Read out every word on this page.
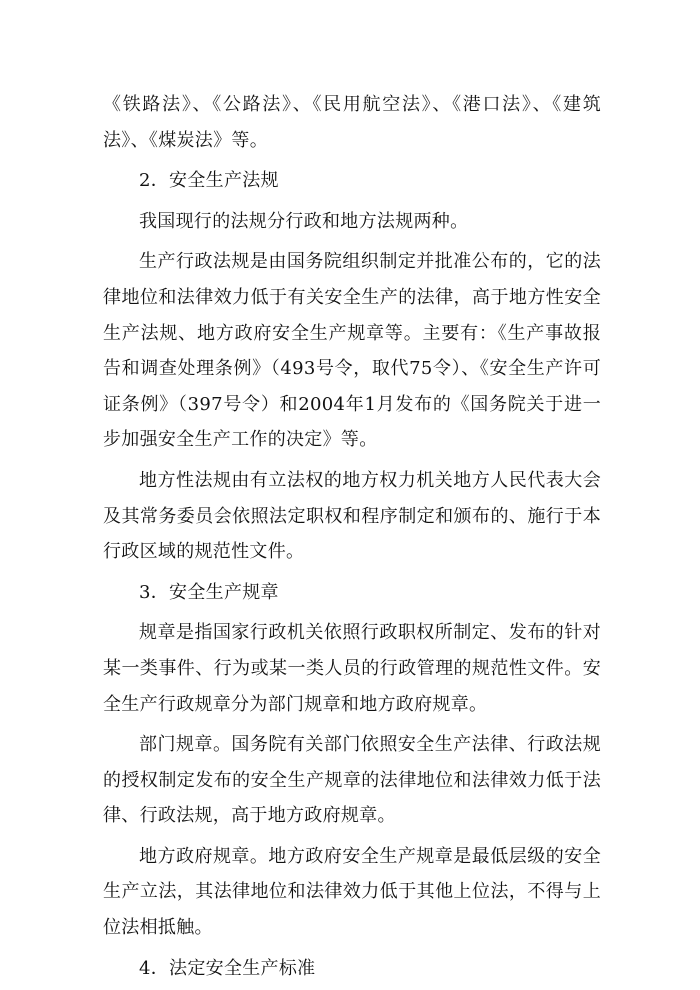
《铁路法》、《公路法》、《民用航空法》、《港口法》、《建筑法》、《煤炭法》等。

2．安全生产法规

我国现行的法规分行政和地方法规两种。

生产行政法规是由国务院组织制定并批准公布的，它的法律地位和法律效力低于有关安全生产的法律，高于地方性安全生产法规、地方政府安全生产规章等。主要有：《生产事故报告和调查处理条例》（493号令，取代75令）、《安全生产许可证条例》（397号令）和2004年1月发布的《国务院关于进一步加强安全生产工作的决定》等。

地方性法规由有立法权的地方权力机关地方人民代表大会及其常务委员会依照法定职权和程序制定和颁布的、施行于本行政区域的规范性文件。

3．安全生产规章

规章是指国家行政机关依照行政职权所制定、发布的针对某一类事件、行为或某一类人员的行政管理的规范性文件。安全生产行政规章分为部门规章和地方政府规章。

部门规章。国务院有关部门依照安全生产法律、行政法规的授权制定发布的安全生产规章的法律地位和法律效力低于法律、行政法规，高于地方政府规章。

地方政府规章。地方政府安全生产规章是最低层级的安全生产立法，其法律地位和法律效力低于其他上位法，不得与上位法相抵触。

4．法定安全生产标准
